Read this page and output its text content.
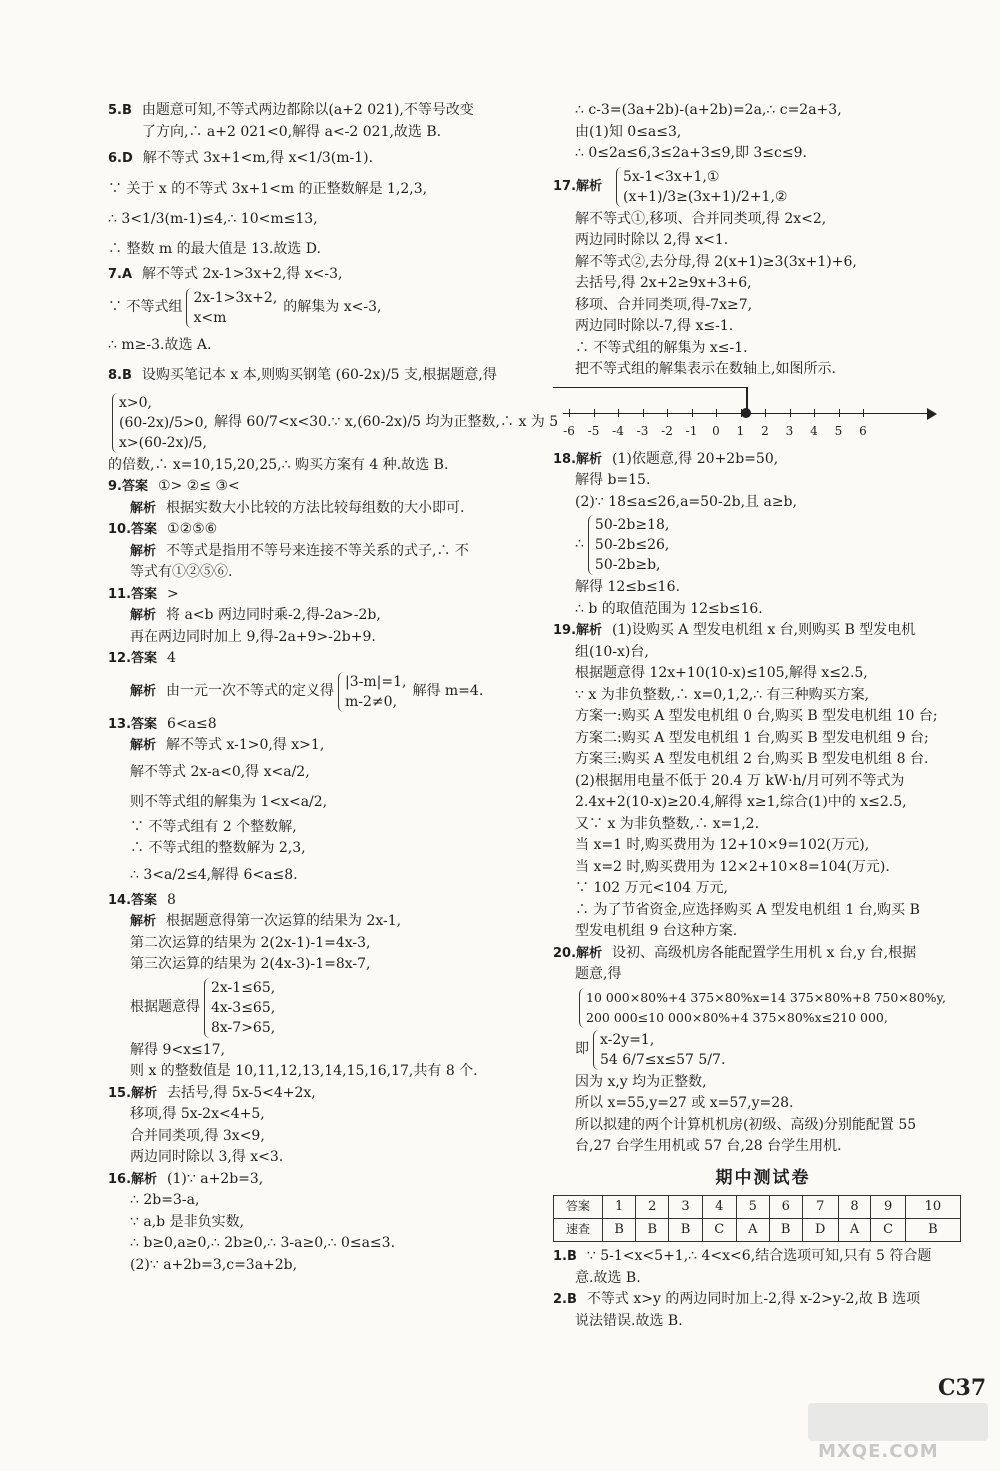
5.B 由题意可知,不等式两边都除以(a+2 021),不等号改变
了方向,∴ a+2 021<0,解得 a<-2 021,故选 B.
6.D 解不等式 3x+1<m,得 x<1/3(m-1).
∵ 关于 x 的不等式 3x+1<m 的正整数解是 1,2,3,
∴ 3<1/3(m-1)≤4,∴ 10<m≤13,
∴ 整数 m 的最大值是 13.故选 D.
7.A 解不等式 2x-1>3x+2,得 x<-3,
∵ 不等式组
2x-1>3x+2,
x<m
的解集为 x<-3,
∴ m≥-3.故选 A.
8.B 设购买笔记本 x 本,则购买钢笔 (60-2x)/5 支,根据题意,得
x>0,
(60-2x)/5>0,
x>(60-2x)/5,
解得 60/7<x<30.∵ x,(60-2x)/5 均为正整数,∴ x 为 5
的倍数,∴ x=10,15,20,25,∴ 购买方案有 4 种.故选 B.
9.答案 ①> ②≤ ③<
解析 根据实数大小比较的方法比较每组数的大小即可.
10.答案 ①②⑤⑥
解析 不等式是指用不等号来连接不等关系的式子,∴ 不
等式有①②⑤⑥.
11.答案 >
解析 将 a<b 两边同时乘-2,得-2a>-2b,
再在两边同时加上 9,得-2a+9>-2b+9.
12.答案 4
解析 由一元一次不等式的定义得
|3-m|=1,
m-2≠0,
解得 m=4.
13.答案 6<a≤8
解析 解不等式 x-1>0,得 x>1,
解不等式 2x-a<0,得 x<a/2,
则不等式组的解集为 1<x<a/2,
∵ 不等式组有 2 个整数解,
∴ 不等式组的整数解为 2,3,
∴ 3<a/2≤4,解得 6<a≤8.
14.答案 8
解析 根据题意得第一次运算的结果为 2x-1,
第二次运算的结果为 2(2x-1)-1=4x-3,
第三次运算的结果为 2(4x-3)-1=8x-7,
根据题意得
2x-1≤65,
4x-3≤65,
8x-7>65,
解得 9<x≤17,
则 x 的整数值是 10,11,12,13,14,15,16,17,共有 8 个.
15.解析 去括号,得 5x-5<4+2x,
移项,得 5x-2x<4+5,
合并同类项,得 3x<9,
两边同时除以 3,得 x<3.
16.解析 (1)∵ a+2b=3,
∴ 2b=3-a,
∵ a,b 是非负实数,
∴ b≥0,a≥0,∴ 2b≥0,∴ 3-a≥0,∴ 0≤a≤3.
(2)∵ a+2b=3,c=3a+2b,
∴ c-3=(3a+2b)-(a+2b)=2a,∴ c=2a+3,
由(1)知 0≤a≤3,
∴ 0≤2a≤6,3≤2a+3≤9,即 3≤c≤9.
17.解析
5x-1<3x+1,①
(x+1)/3≥(3x+1)/2+1,②
解不等式①,移项、合并同类项,得 2x<2,
两边同时除以 2,得 x<1.
解不等式②,去分母,得 2(x+1)≥3(3x+1)+6,
去括号,得 2x+2≥9x+3+6,
移项、合并同类项,得-7x≥7,
两边同时除以-7,得 x≤-1.
∴ 不等式组的解集为 x≤-1.
把不等式组的解集表示在数轴上,如图所示.
-6	-5	-4	-3	-2	-1	0	1	2	3	4	5	6
18.解析 (1)依题意,得 20+2b=50,
解得 b=15.
(2)∵ 18≤a≤26,a=50-2b,且 a≥b,
∴
50-2b≥18,
50-2b≤26,
50-2b≥b,
解得 12≤b≤16.
∴ b 的取值范围为 12≤b≤16.
19.解析 (1)设购买 A 型发电机组 x 台,则购买 B 型发电机
组(10-x)台,
根据题意得 12x+10(10-x)≤105,解得 x≤2.5,
∵ x 为非负整数,∴ x=0,1,2,∴ 有三种购买方案,
方案一:购买 A 型发电机组 0 台,购买 B 型发电机组 10 台;
方案二:购买 A 型发电机组 1 台,购买 B 型发电机组 9 台;
方案三:购买 A 型发电机组 2 台,购买 B 型发电机组 8 台.
(2)根据用电量不低于 20.4 万 kW·h/月可列不等式为
2.4x+2(10-x)≥20.4,解得 x≥1,综合(1)中的 x≤2.5,
又∵ x 为非负整数,∴ x=1,2.
当 x=1 时,购买费用为 12+10×9=102(万元),
当 x=2 时,购买费用为 12×2+10×8=104(万元).
∵ 102 万元<104 万元,
∴ 为了节省资金,应选择购买 A 型发电机组 1 台,购买 B
型发电机组 9 台这种方案.
20.解析 设初、高级机房各能配置学生用机 x 台,y 台,根据
题意,得
10 000×80%+4 375×80%x=14 375×80%+8 750×80%y,
200 000≤10 000×80%+4 375×80%x≤210 000,
即
x-2y=1,
54 6/7≤x≤57 5/7.
因为 x,y 均为正整数,
所以 x=55,y=27 或 x=57,y=28.
所以拟建的两个计算机机房(初级、高级)分别能配置 55
台,27 台学生用机或 57 台,28 台学生用机.
期中测试卷
答案	1	2	3	4	5	6	7	8	9	10
速查	B	B	B	C	A	B	D	A	C	B
1.B ∵ 5-1<x<5+1,∴ 4<x<6,结合选项可知,只有 5 符合题
意.故选 B.
2.B 不等式 x>y 的两边同时加上-2,得 x-2>y-2,故 B 选项
说法错误.故选 B.
C37
MXQE.COM
